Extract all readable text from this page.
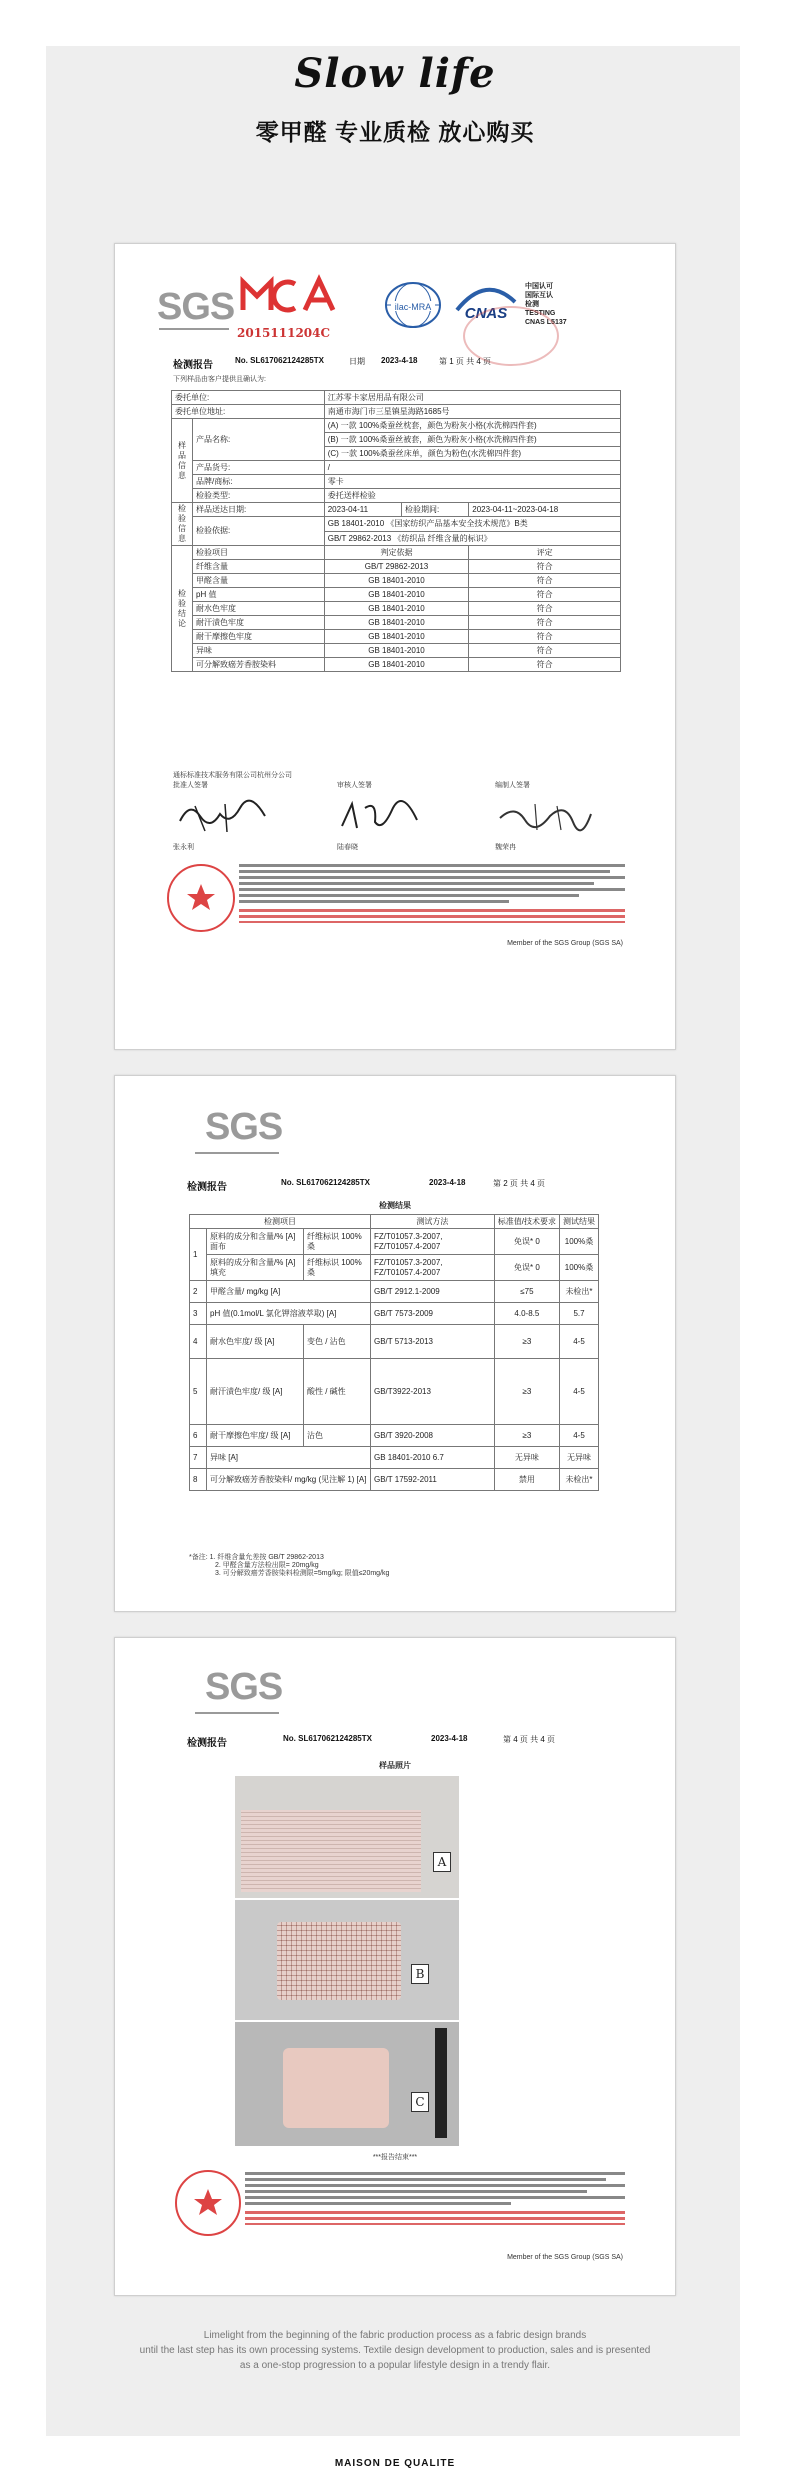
Slow life
零甲醛 专业质检 放心购买
SGS
2015111204C
ilac-MRA CNAS
中国认可
国际互认
检测
TESTING
CNAS L5137
检测报告	No. SL617062124285TX	日期 2023-4-18	第 1 页 共 4 页
下列样品由客户提供且确认为:
委托单位:		江苏零卡家居用品有限公司		
委托单位地址:		南通市海门市三星镇星海路1685号		
样品信息	产品名称:	(A) 一款 100%桑蚕丝枕套，颜色为粉灰小格(水洗棉四件套)		
		(B) 一款 100%桑蚕丝被套，颜色为粉灰小格(水洗棉四件套)		
		(C) 一款 100%桑蚕丝床单，颜色为粉色(水洗棉四件套)		
	产品货号:	/		
	品牌/商标:	零卡		
	检验类型:	委托送样检验		
检验信息	样品送达日期:	2023-04-11	检验期间:	2023-04-11~2023-04-18
	检验依据:	GB 18401-2010 《国家纺织产品基本安全技术规范》B类		
		GB/T 29862-2013 《纺织品 纤维含量的标识》		
检验结论	检验项目	判定依据		评定
	纤维含量	GB/T 29862-2013		符合
	甲醛含量	GB 18401-2010		符合
	pH 值	GB 18401-2010		符合
	耐水色牢度	GB 18401-2010		符合
	耐汗渍色牢度	GB 18401-2010		符合
	耐干摩擦色牢度	GB 18401-2010		符合
	异味	GB 18401-2010		符合
	可分解致癌芳香胺染料	GB 18401-2010		符合
通标标准技术服务有限公司杭州分公司
批准人签署	审核人签署	编制人签署
张永利	陆春晓	魏荣冉
Member of the SGS Group (SGS SA)
SGS
检测报告	No. SL617062124285TX	2023-4-18	第 2 页 共 4 页
检测结果
检测项目			测试方法	标准值/技术要求	测试结果
1	原料的成分和含量/% [A]面布	纤维标识 100%桑	FZ/T01057.3-2007, FZ/T01057.4-2007	免误* 0	100%桑
	原料的成分和含量/% [A]填充	纤维标识 100%桑	FZ/T01057.3-2007, FZ/T01057.4-2007	免误* 0	100%桑
2	甲醛含量/ mg/kg [A]		GB/T 2912.1-2009	≤75	未检出*
3	pH 值(0.1mol/L 氯化钾溶液萃取) [A]		GB/T 7573-2009	4.0-8.5	5.7
4	耐水色牢度/ 级 [A]	变色 / 沾色	GB/T 5713-2013	≥3	4-5
5	耐汗渍色牢度/ 级 [A]	酸性 / 碱性	GB/T3922-2013	≥3	4-5
6	耐干摩擦色牢度/ 级 [A]	沾色	GB/T 3920-2008	≥3	4-5
7	异味 [A]		GB 18401-2010 6.7	无异味	无异味
8	可分解致癌芳香胺染料/ mg/kg (见注解 1) [A]		GB/T 17592-2011	禁用	未检出*
*备注: 1. 纤维含量允差按 GB/T 29862-2013
2. 甲醛含量方法检出限= 20mg/kg
3. 可分解致癌芳香胺染料检测限=5mg/kg; 限值≤20mg/kg
SGS
检测报告	No. SL617062124285TX	2023-4-18	第 4 页 共 4 页
样品照片
A
B
C
***报告结束***
Member of the SGS Group (SGS SA)
Limelight from the beginning of the fabric production process as a fabric design brands
until the last step has its own processing systems. Textile design development to production, sales and is presented
as a one-stop progression to a popular lifestyle design in a trendy flair.
MAISON DE QUALITE
